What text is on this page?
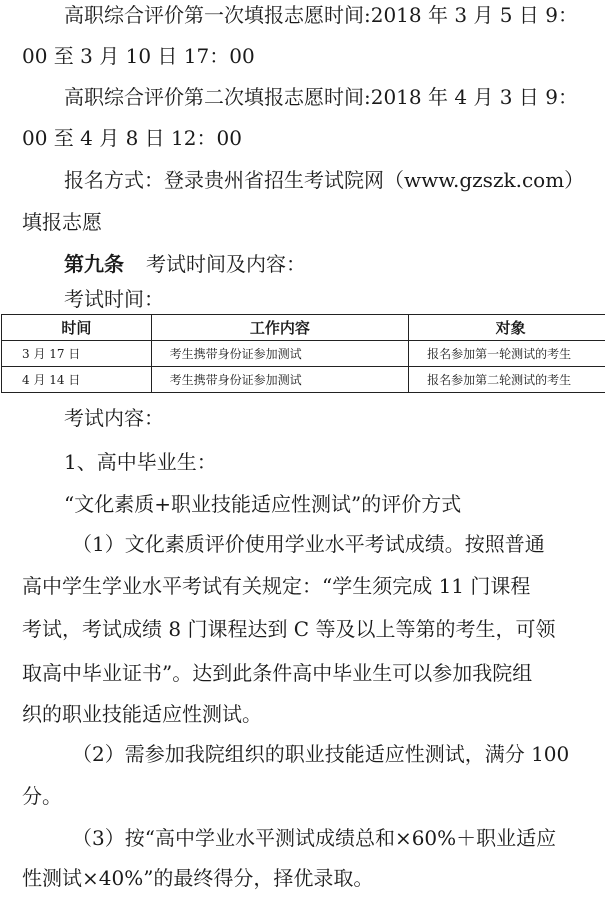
高职综合评价第一次填报志愿时间:2018 年 3 月 5 日 9：
00 至 3 月 10 日 17：00
高职综合评价第二次填报志愿时间:2018 年 4 月 3 日 9：
00 至 4 月 8 日 12：00
报名方式：登录贵州省招生考试院网（www.gzszk.com）
填报志愿
第九条 考试时间及内容：
考试时间：
时间	工作内容	对象
3 月 17 日	考生携带身份证参加测试	报名参加第一轮测试的考生
4 月 14 日	考生携带身份证参加测试	报名参加第二轮测试的考生
考试内容：
1、高中毕业生：
“文化素质+职业技能适应性测试”的评价方式
（1）文化素质评价使用学业水平考试成绩。按照普通
高中学生学业水平考试有关规定：“学生须完成 11 门课程
考试，考试成绩 8 门课程达到 C 等及以上等第的考生，可领
取高中毕业证书”。达到此条件高中毕业生可以参加我院组
织的职业技能适应性测试。
（2）需参加我院组织的职业技能适应性测试，满分 100
分。
（3）按“高中学业水平测试成绩总和×60%＋职业适应
性测试×40%”的最终得分，择优录取。
